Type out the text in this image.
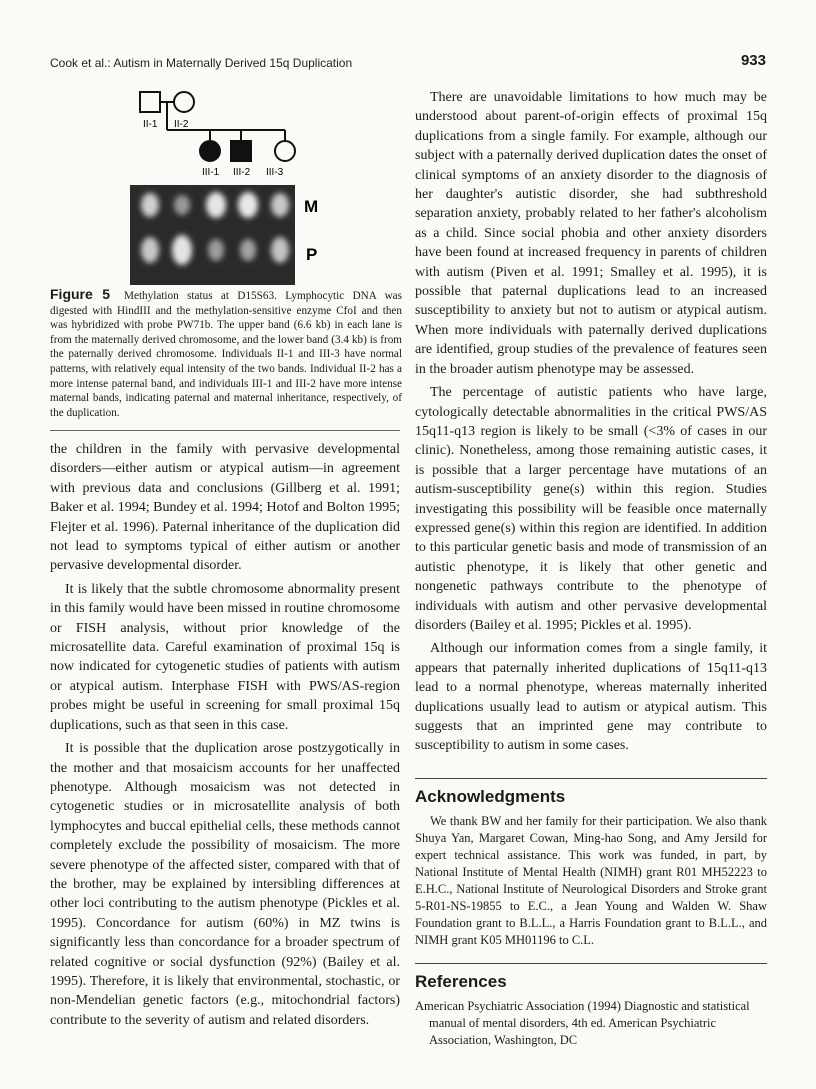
Cook et al.: Autism in Maternally Derived 15q Duplication	933
II-1 II-2
III-1 III-2 III-3
M
P
Figure 5 Methylation status at D15S63. Lymphocytic DNA was digested with HindIII and the methylation-sensitive enzyme CfoI and then was hybridized with probe PW71b. The upper band (6.6 kb) in each lane is from the maternally derived chromosome, and the lower band (3.4 kb) is from the paternally derived chromosome. Individuals II-1 and III-3 have normal patterns, with relatively equal intensity of the two bands. Individual II-2 has a more intense paternal band, and individuals III-1 and III-2 have more intense maternal bands, indicating paternal and maternal inheritance, respectively, of the duplication.

the children in the family with pervasive developmental disorders—either autism or atypical autism—in agreement with previous data and conclusions (Gillberg et al. 1991; Baker et al. 1994; Bundey et al. 1994; Hotof and Bolton 1995; Flejter et al. 1996). Paternal inheritance of the duplication did not lead to symptoms typical of either autism or another pervasive developmental disorder.

It is likely that the subtle chromosome abnormality present in this family would have been missed in routine chromosome or FISH analysis, without prior knowledge of the microsatellite data. Careful examination of proximal 15q is now indicated for cytogenetic studies of patients with autism or atypical autism. Interphase FISH with PWS/AS-region probes might be useful in screening for small proximal 15q duplications, such as that seen in this case.

It is possible that the duplication arose postzygotically in the mother and that mosaicism accounts for her unaffected phenotype. Although mosaicism was not detected in cytogenetic studies or in microsatellite analysis of both lymphocytes and buccal epithelial cells, these methods cannot completely exclude the possibility of mosaicism. The more severe phenotype of the affected sister, compared with that of the brother, may be explained by intersibling differences at other loci contributing to the autism phenotype (Pickles et al. 1995). Concordance for autism (60%) in MZ twins is significantly less than concordance for a broader spectrum of related cognitive or social dysfunction (92%) (Bailey et al. 1995). Therefore, it is likely that environmental, stochastic, or non-Mendelian genetic factors (e.g., mitochondrial factors) contribute to the severity of autism and related disorders.

There are unavoidable limitations to how much may be understood about parent-of-origin effects of proximal 15q duplications from a single family. For example, although our subject with a paternally derived duplication dates the onset of clinical symptoms of an anxiety disorder to the diagnosis of her daughter's autistic disorder, she had subthreshold separation anxiety, probably related to her father's alcoholism as a child. Since social phobia and other anxiety disorders have been found at increased frequency in parents of children with autism (Piven et al. 1991; Smalley et al. 1995), it is possible that paternal duplications lead to an increased susceptibility to anxiety but not to autism or atypical autism. When more individuals with paternally derived duplications are identified, group studies of the prevalence of features seen in the broader autism phenotype may be assessed.

The percentage of autistic patients who have large, cytologically detectable abnormalities in the critical PWS/AS 15q11-q13 region is likely to be small (<3% of cases in our clinic). Nonetheless, among those remaining autistic cases, it is possible that a larger percentage have mutations of an autism-susceptibility gene(s) within this region. Studies investigating this possibility will be feasible once maternally expressed gene(s) within this region are identified. In addition to this particular genetic basis and mode of transmission of an autistic phenotype, it is likely that other genetic and nongenetic pathways contribute to the phenotype of individuals with autism and other pervasive developmental disorders (Bailey et al. 1995; Pickles et al. 1995).

Although our information comes from a single family, it appears that paternally inherited duplications of 15q11-q13 lead to a normal phenotype, whereas maternally inherited duplications usually lead to autism or atypical autism. This suggests that an imprinted gene may contribute to susceptibility to autism in some cases.

Acknowledgments

We thank BW and her family for their participation. We also thank Shuya Yan, Margaret Cowan, Ming-hao Song, and Amy Jersild for expert technical assistance. This work was funded, in part, by National Institute of Mental Health (NIMH) grant R01 MH52223 to E.H.C., National Institute of Neurological Disorders and Stroke grant 5-R01-NS-19855 to E.C., a Jean Young and Walden W. Shaw Foundation grant to B.L.L., a Harris Foundation grant to B.L.L., and NIMH grant K05 MH01196 to C.L.

References

American Psychiatric Association (1994) Diagnostic and statistical manual of mental disorders, 4th ed. American Psychiatric Association, Washington, DC
